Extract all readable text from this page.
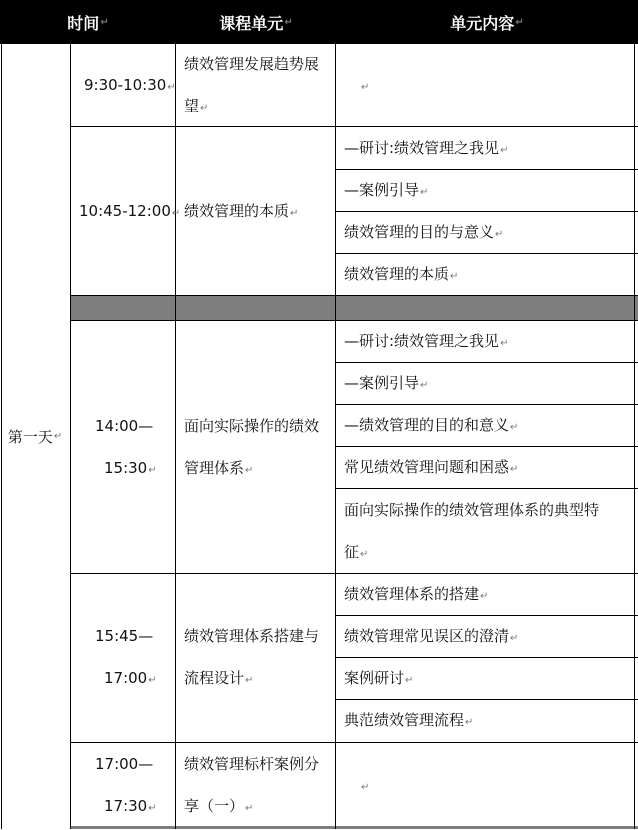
时间 ↵	课程单元 ↵	单元内容 ↵
第一天 ↵
9:30-10:30↵
绩效管理发展趋势展
望↵
↵
10:45-12:00↵ 绩效管理的本质↵
—研讨:绩效管理之我见↵
—案例引导↵
绩效管理的目的与意义↵
绩效管理的本质↵
14:00—
15:30↵
面向实际操作的绩效
管理体系↵
—研讨:绩效管理之我见↵
—案例引导↵
—绩效管理的目的和意义↵
常见绩效管理问题和困惑↵
面向实际操作的绩效管理体系的典型特
征↵
15:45—
17:00↵
绩效管理体系搭建与
流程设计↵
绩效管理体系的搭建↵
绩效管理常见误区的澄清↵
案例研讨↵
典范绩效管理流程↵
17:00—
17:30↵
绩效管理标杆案例分
享（一）↵
↵
